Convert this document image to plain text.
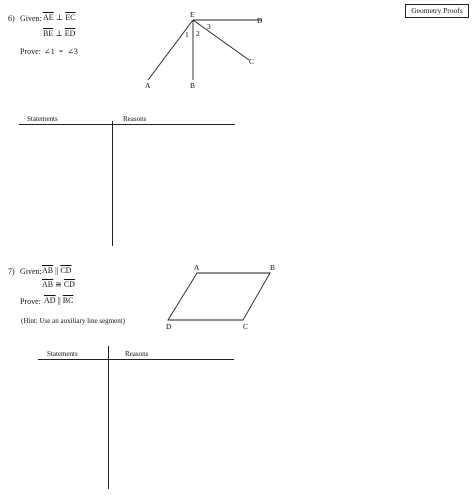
Geometry Proofs
6) Given: $\overline{AE}$ ⊥ $\overline{EC}$
$\overline{BE}$ ⊥ $\overline{ED}$
Prove: ∠1 = ∠3
E
D
A	B
C
1 2
3
A	B
C
D
Statements	Reasons
7) Given: $\overline{AB}$ || $\overline{CD}$
$\overline{AB}$ ≅ $\overline{CD}$
Prove: $\overline{AD}$ || $\overline{BC}$
(Hint: Use an auxiliary line segment)
Statements	Reasons
